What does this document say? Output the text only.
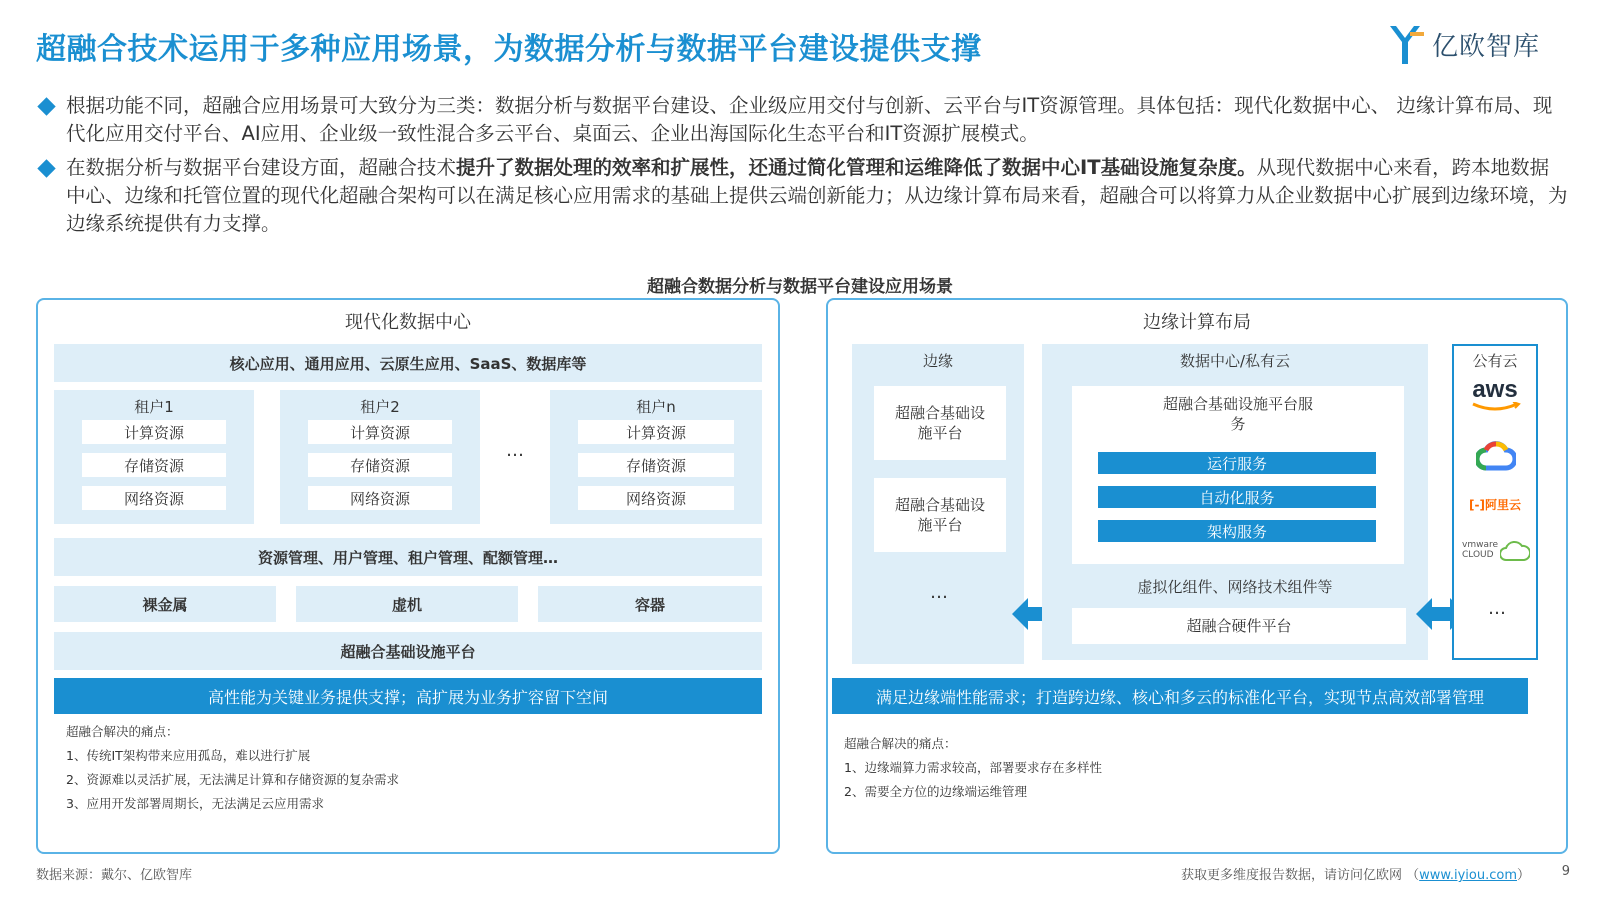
超融合技术运用于多种应用场景，为数据分析与数据平台建设提供支撑	亿欧智库
根据功能不同，超融合应用场景可大致分为三类：数据分析与数据平台建设、企业级应用交付与创新、云平台与IT资源管理。具体包括：现代化数据中心、 边缘计算布局、现代化应用交付平台、AI应用、企业级一致性混合多云平台、桌面云、企业出海国际化生态平台和IT资源扩展模式。
在数据分析与数据平台建设方面，超融合技术提升了数据处理的效率和扩展性，还通过简化管理和运维降低了数据中心IT基础设施复杂度。从现代数据中心来看，跨本地数据中心、边缘和托管位置的现代化超融合架构可以在满足核心应用需求的基础上提供云端创新能力；从边缘计算布局来看，超融合可以将算力从企业数据中心扩展到边缘环境，为边缘系统提供有力支撑。
超融合数据分析与数据平台建设应用场景
现代化数据中心
核心应用、通用应用、云原生应用、SaaS、数据库等
租户1
计算资源
存储资源
网络资源
租户2
计算资源
存储资源
网络资源
…
租户n
计算资源
存储资源
网络资源
资源管理、用户管理、租户管理、配额管理…
裸金属	虚机	容器
超融合基础设施平台
高性能为关键业务提供支撑；高扩展为业务扩容留下空间
超融合解决的痛点：
1、传统IT架构带来应用孤岛，难以进行扩展
2、资源难以灵活扩展，无法满足计算和存储资源的复杂需求
3、应用开发部署周期长，无法满足云应用需求
边缘计算布局
边缘
超融合基础设施平台
超融合基础设施平台
…
数据中心/私有云
超融合基础设施平台服务
运行服务
自动化服务
架构服务
虚拟化组件、网络技术组件等
超融合硬件平台
公有云
aws
[-]阿里云
vmware CLOUD
…
满足边缘端性能需求；打造跨边缘、核心和多云的标准化平台，实现节点高效部署管理
超融合解决的痛点：
1、边缘端算力需求较高，部署要求存在多样性
2、需要全方位的边缘端运维管理
数据来源：戴尔、亿欧智库	获取更多维度报告数据，请访问亿欧网 （www.iyiou.com） 9
